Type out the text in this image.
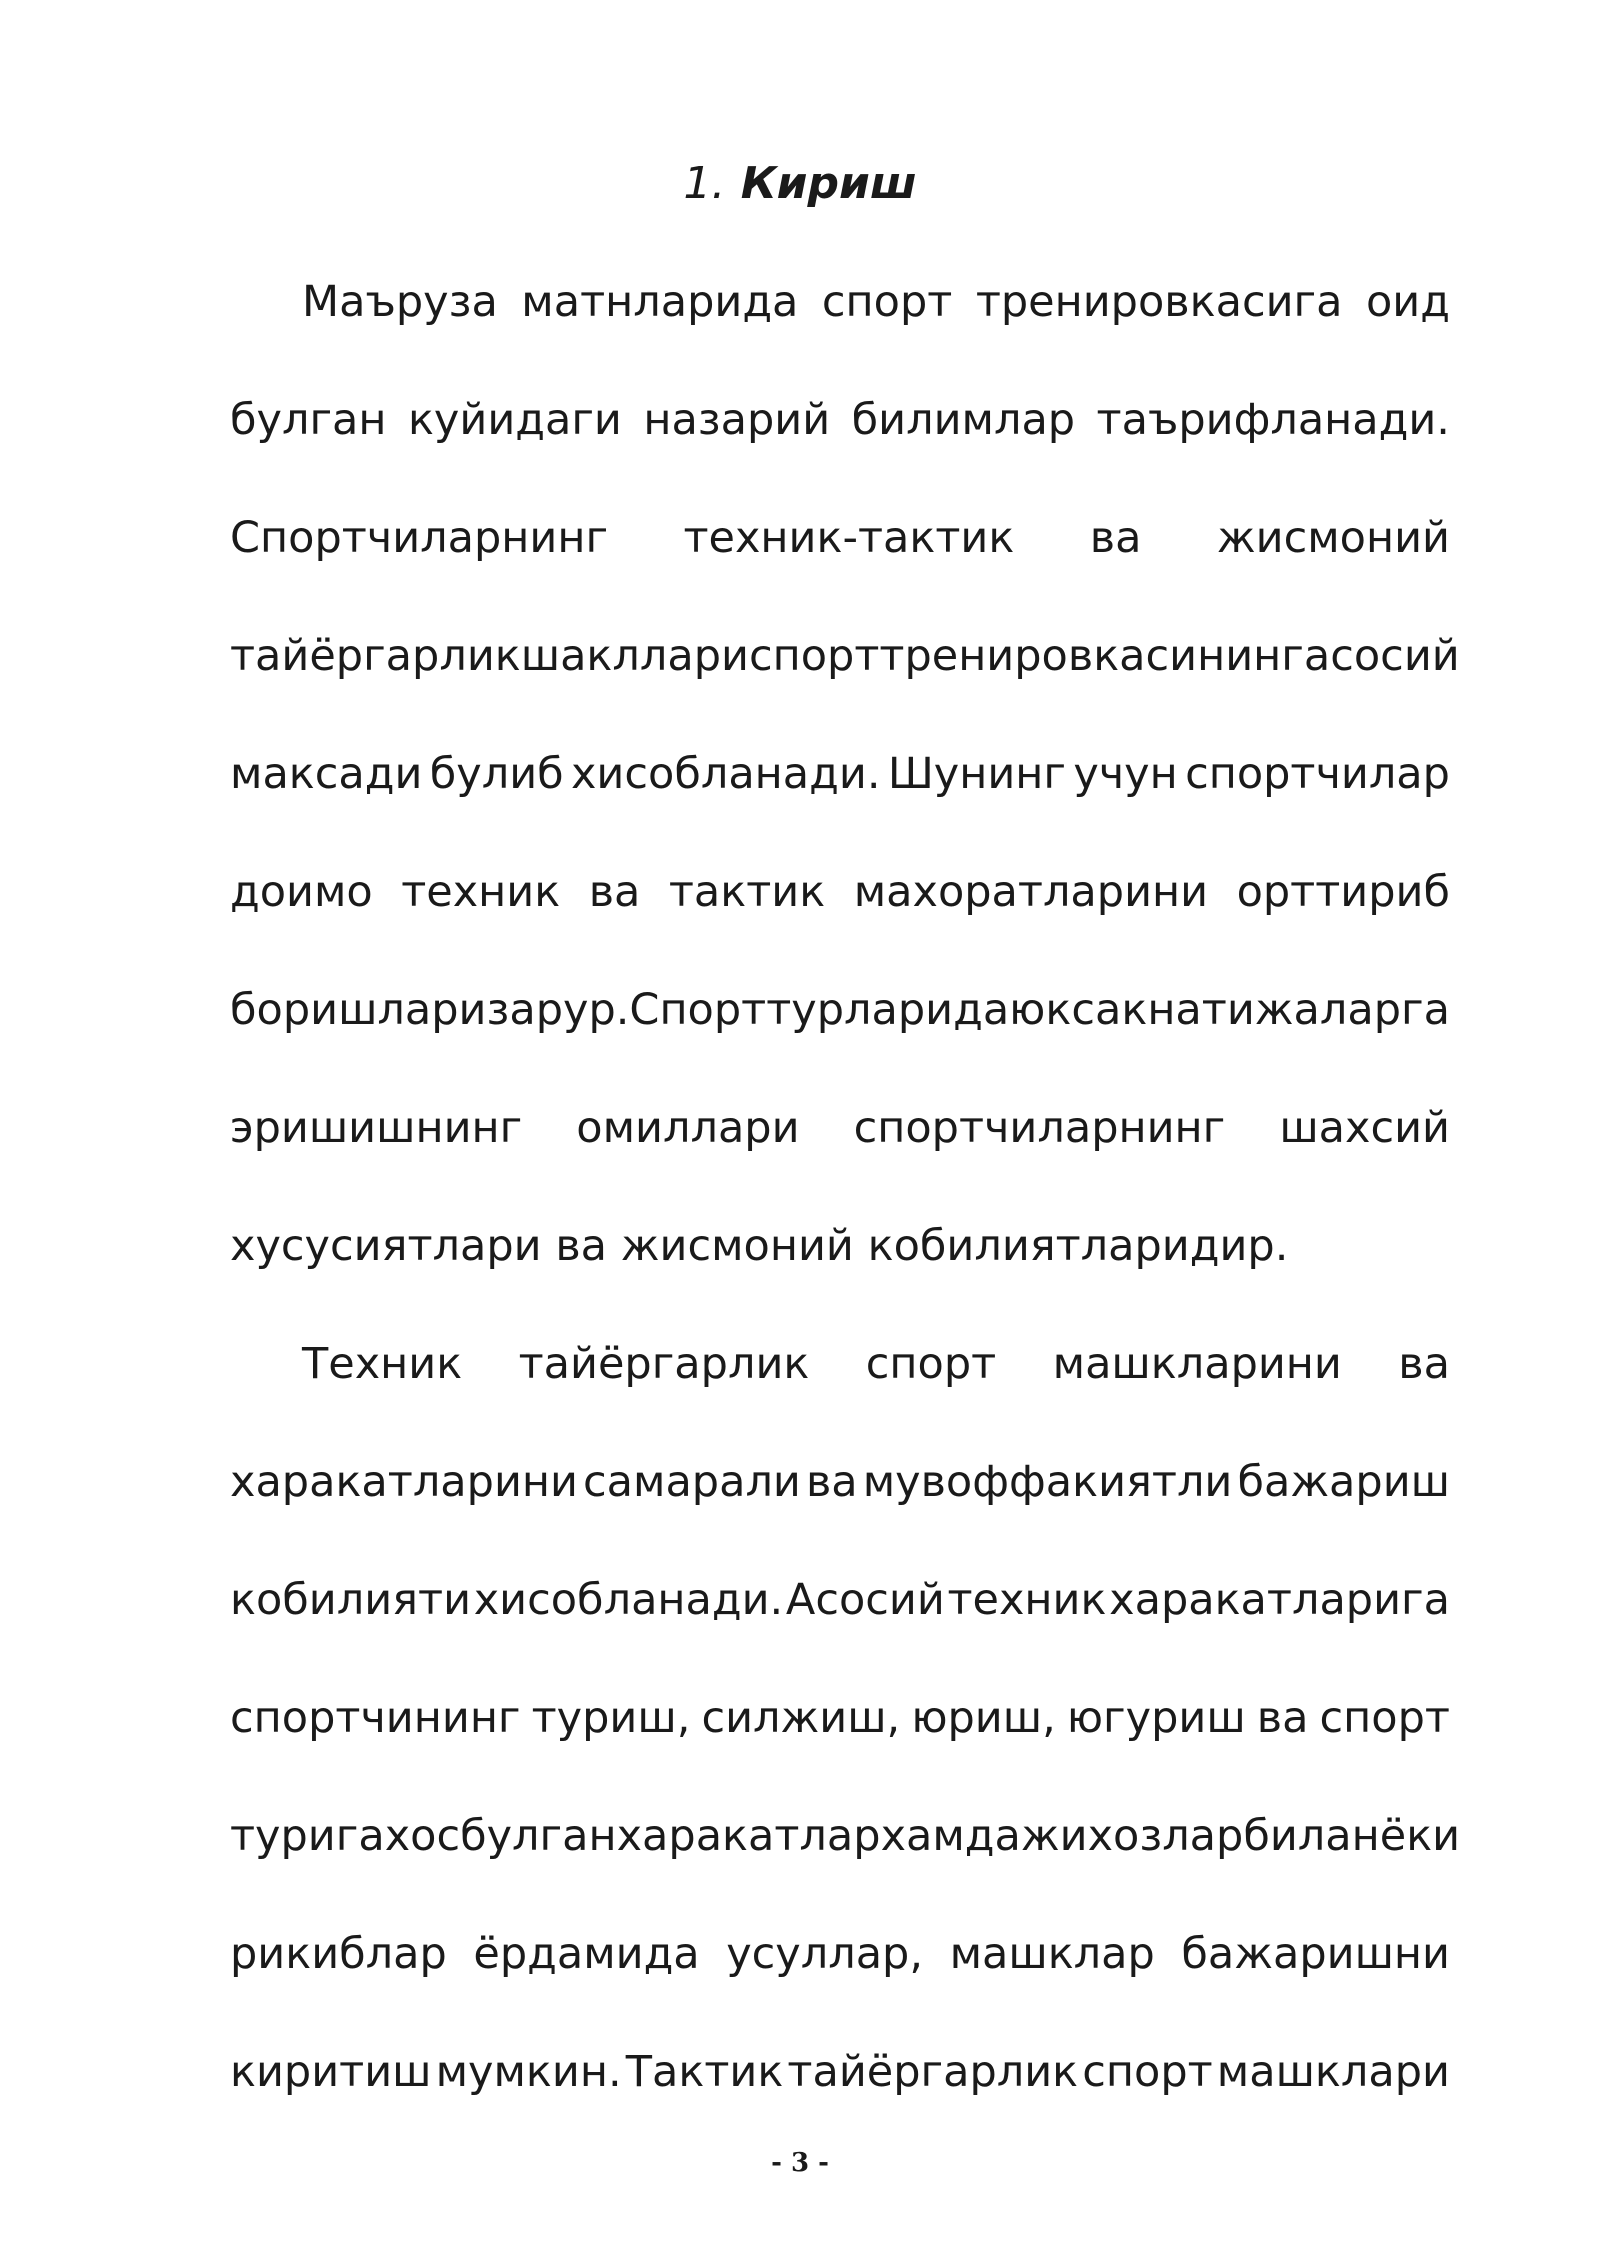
1. Кириш
Маъруза матнларида спорт тренировкасига оид
булган куйидаги назарий билимлар таърифланади.
Спортчиларнинг техник-тактик ва жисмоний
тайёргарлик шакллари спорт тренировкасининг асосий
максади булиб хисобланади. Шунинг учун спортчилар
доимо техник ва тактик махоратларини орттириб
боришлари зарур. Спорт турларида юксак натижаларга
эришишнинг омиллари спортчиларнинг шахсий
хусусиятлари ва жисмоний кобилиятларидир.
Техник тайёргарлик спорт машкларини ва
харакатларини самарали ва мувоффакиятли бажариш
кобилияти хисобланади. Асосий техник харакатларига
спортчининг туриш, силжиш, юриш, югуриш ва спорт
турига хос булган харакатлар хамда жихозлар билан ёки
рикиблар ёрдамида усуллар, машклар бажаришни
киритиш мумкин. Тактик тайёргарлик спорт машклари
- 3 -
